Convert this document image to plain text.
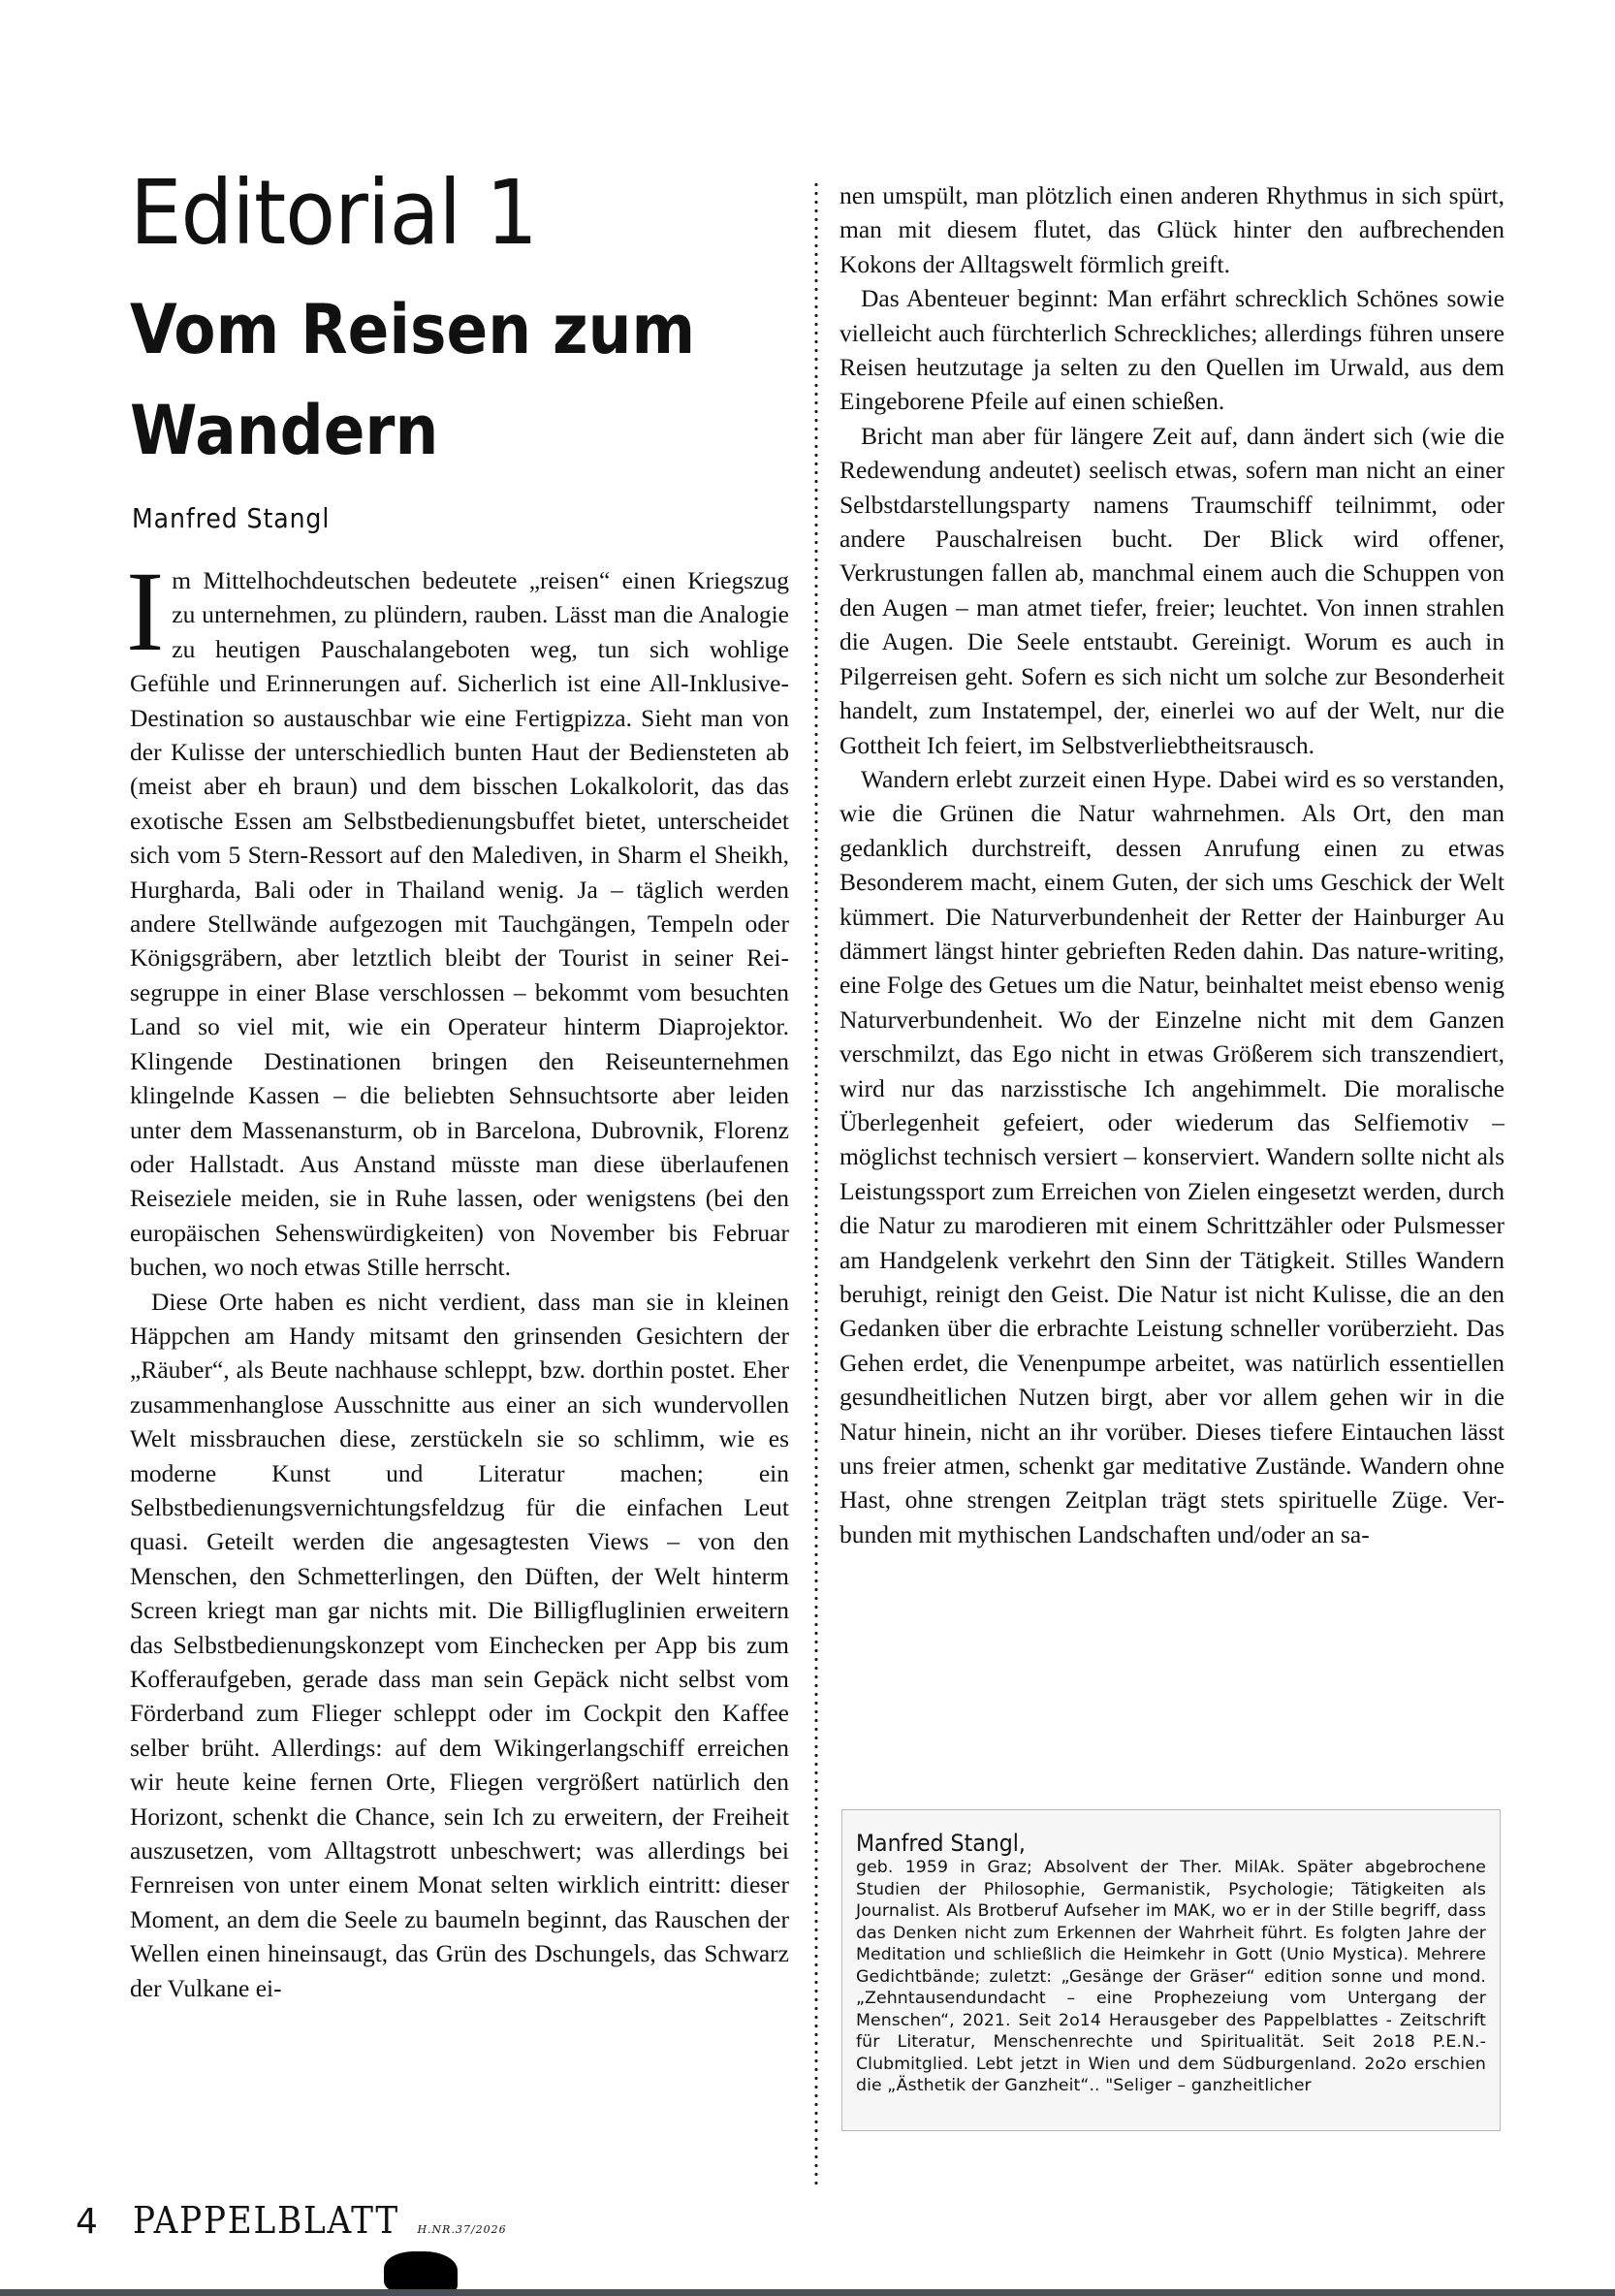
Editorial 1
Vom Reisen zum Wandern
Manfred Stangl

Im Mittelhochdeutschen bedeutete „reisen“ einen Kriegszug zu unternehmen, zu plündern, rauben. Lässt man die Analogie zu heutigen Pauschalangeboten weg, tun sich wohlige Gefühle und Erinnerungen auf. Sicherlich ist eine All-Inklusive-Destination so austauschbar wie eine Fertigpizza. Sieht man von der Kulisse der unterschiedlich bunten Haut der Bediensteten ab (meist aber eh braun) und dem bisschen Lokalkolorit, das das exotische Essen am Selbstbedienungsbuffet bietet, unterscheidet sich vom 5 Stern-Ressort auf den Malediven, in Sharm el Sheikh, Hurgharda, Bali oder in Thailand wenig. Ja – täglich werden andere Stellwände aufgezogen mit Tauchgängen, Tempeln oder Königsgräbern, aber letztlich bleibt der Tourist in seiner Reisegruppe in einer Blase verschlossen – bekommt vom besuchten Land so viel mit, wie ein Operateur hinterm Diaprojektor. Klingende Destinationen bringen den Reiseunternehmen klingelnde Kassen – die beliebten Sehnsuchtsorte aber leiden unter dem Massenansturm, ob in Barcelona, Dubrovnik, Florenz oder Hallstadt. Aus Anstand müsste man diese überlaufenen Reiseziele meiden, sie in Ruhe lassen, oder wenigstens (bei den europäischen Sehenswürdigkeiten) von November bis Februar buchen, wo noch etwas Stille herrscht.

Diese Orte haben es nicht verdient, dass man sie in kleinen Häppchen am Handy mitsamt den grinsenden Gesichtern der „Räuber“, als Beute nachhause schleppt, bzw. dorthin postet. Eher zusammenhanglose Ausschnitte aus einer an sich wundervollen Welt missbrauchen diese, zerstückeln sie so schlimm, wie es moderne Kunst und Literatur machen; ein Selbstbedienungsvernichtungsfeldzug für die einfachen Leut quasi. Geteilt werden die angesagtesten Views – von den Menschen, den Schmetterlingen, den Düften, der Welt hinterm Screen kriegt man gar nichts mit. Die Billigfluglinien erweitern das Selbstbedienungskonzept vom Einchecken per App bis zum Kofferaufgeben, gerade dass man sein Gepäck nicht selbst vom Förderband zum Flieger schleppt oder im Cockpit den Kaffee selber brüht. Allerdings: auf dem Wikingerlangschiff erreichen wir heute keine fernen Orte, Fliegen vergrößert natürlich den Horizont, schenkt die Chance, sein Ich zu erweitern, der Freiheit auszusetzen, vom Alltagstrott unbeschwert; was allerdings bei Fernreisen von unter einem Monat selten wirklich eintritt: dieser Moment, an dem die Seele zu baumeln beginnt, das Rauschen der Wellen einen hineinsaugt, das Grün des Dschungels, das Schwarz der Vulkane ei-

nen umspült, man plötzlich einen anderen Rhythmus in sich spürt, man mit diesem flutet, das Glück hinter den aufbrechenden Kokons der Alltagswelt förmlich greift.

Das Abenteuer beginnt: Man erfährt schrecklich Schönes sowie vielleicht auch fürchterlich Schreckliches; allerdings führen unsere Reisen heutzutage ja selten zu den Quellen im Urwald, aus dem Eingeborene Pfeile auf einen schießen.

Bricht man aber für längere Zeit auf, dann ändert sich (wie die Redewendung andeutet) seelisch etwas, sofern man nicht an einer Selbstdarstellungsparty namens Traumschiff teilnimmt, oder andere Pauschalreisen bucht. Der Blick wird offener, Verkrustungen fallen ab, manchmal einem auch die Schuppen von den Augen – man atmet tiefer, freier; leuchtet. Von innen strahlen die Augen. Die Seele entstaubt. Gereinigt. Worum es auch in Pilgerreisen geht. Sofern es sich nicht um solche zur Besonderheit handelt, zum Instatempel, der, einerlei wo auf der Welt, nur die Gottheit Ich feiert, im Selbstverliebtheitsrausch.

Wandern erlebt zurzeit einen Hype. Dabei wird es so verstanden, wie die Grünen die Natur wahrnehmen. Als Ort, den man gedanklich durchstreift, dessen Anrufung einen zu etwas Besonderem macht, einem Guten, der sich ums Geschick der Welt kümmert. Die Naturverbundenheit der Retter der Hainburger Au dämmert längst hinter gebrieften Reden dahin. Das nature-writing, eine Folge des Getues um die Natur, beinhaltet meist ebenso wenig Naturverbundenheit. Wo der Einzelne nicht mit dem Ganzen verschmilzt, das Ego nicht in etwas Größerem sich transzendiert, wird nur das narzisstische Ich angehimmelt. Die moralische Überlegenheit gefeiert, oder wiederum das Selfiemotiv – möglichst technisch versiert – konserviert. Wandern sollte nicht als Leistungssport zum Erreichen von Zielen eingesetzt werden, durch die Natur zu marodieren mit einem Schrittzähler oder Pulsmesser am Handgelenk verkehrt den Sinn der Tätigkeit. Stilles Wandern beruhigt, reinigt den Geist. Die Natur ist nicht Kulisse, die an den Gedanken über die erbrachte Leistung schneller vorüberzieht. Das Gehen erdet, die Venenpumpe arbeitet, was natürlich essentiellen gesundheitlichen Nutzen birgt, aber vor allem gehen wir in die Natur hinein, nicht an ihr vorüber. Dieses tiefere Eintauchen lässt uns freier atmen, schenkt gar meditative Zustände. Wandern ohne Hast, ohne strengen Zeitplan trägt stets spirituelle Züge. Verbunden mit mythischen Landschaften und/oder an sa-

Manfred Stangl,

geb. 1959 in Graz; Absolvent der Ther. MilAk. Später abgebrochene Studien der Philosophie, Germanistik, Psychologie; Tätigkeiten als Journalist. Als Brotberuf Aufseher im MAK, wo er in der Stille begriff, dass das Denken nicht zum Erkennen der Wahrheit führt. Es folgten Jahre der Meditation und schließlich die Heimkehr in Gott (Unio Mystica). Mehrere Gedichtbände; zuletzt: „Gesänge der Gräser“ edition sonne und mond. „Zehntausendundacht – eine Prophezeiung vom Untergang der Menschen“, 2021. Seit 2o14 Herausgeber des Pappelblattes - Zeitschrift für Literatur, Menschenrechte und Spiritualität. Seit 2o18 P.E.N.-Clubmitglied. Lebt jetzt in Wien und dem Südburgenland. 2o2o erschien die „Ästhetik der Ganzheit“.. "Seliger – ganzheitlicher

4 PAPPELBLATT H.NR.37/2026
